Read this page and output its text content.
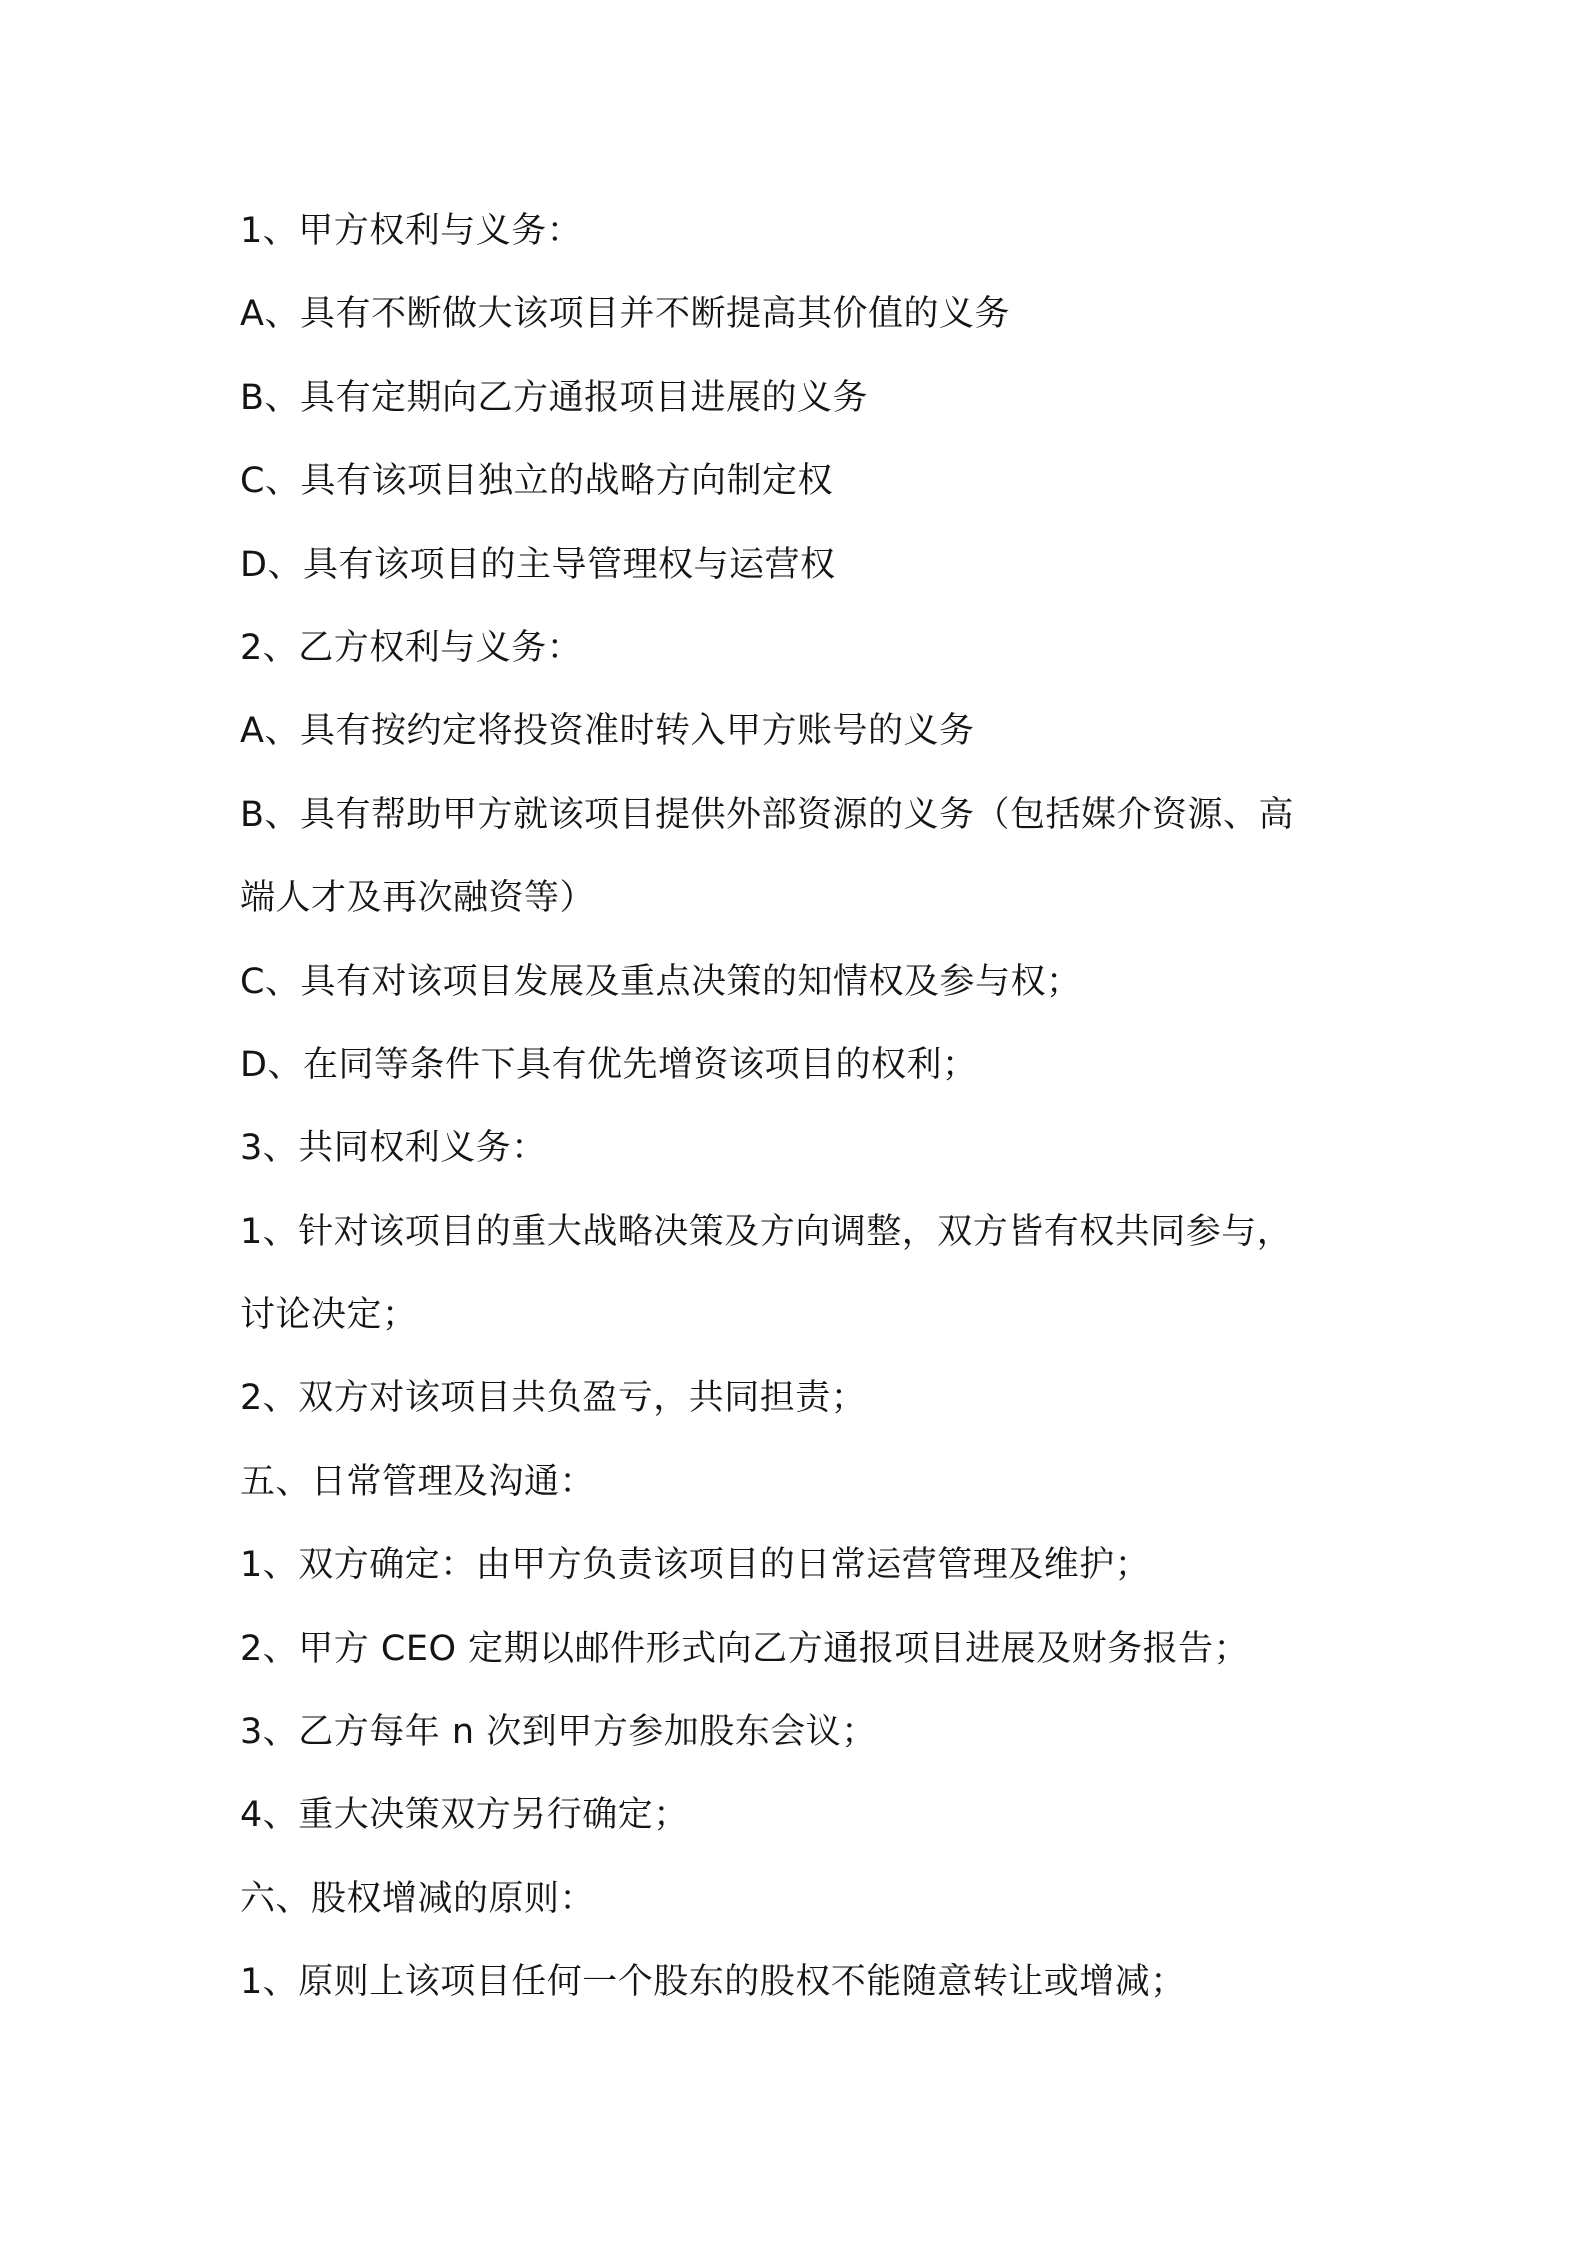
1、甲方权利与义务：
A、具有不断做大该项目并不断提高其价值的义务
B、具有定期向乙方通报项目进展的义务
C、具有该项目独立的战略方向制定权
D、具有该项目的主导管理权与运营权
2、乙方权利与义务：
A、具有按约定将投资准时转入甲方账号的义务
B、具有帮助甲方就该项目提供外部资源的义务（包括媒介资源、高
端人才及再次融资等）
C、具有对该项目发展及重点决策的知情权及参与权；
D、在同等条件下具有优先增资该项目的权利；
3、共同权利义务：
1、针对该项目的重大战略决策及方向调整，双方皆有权共同参与，
讨论决定；
2、双方对该项目共负盈亏，共同担责；
五、日常管理及沟通：
1、双方确定：由甲方负责该项目的日常运营管理及维护；
2、甲方 CEO 定期以邮件形式向乙方通报项目进展及财务报告；
3、乙方每年 n 次到甲方参加股东会议；
4、重大决策双方另行确定；
六、股权增减的原则：
1、原则上该项目任何一个股东的股权不能随意转让或增减；
